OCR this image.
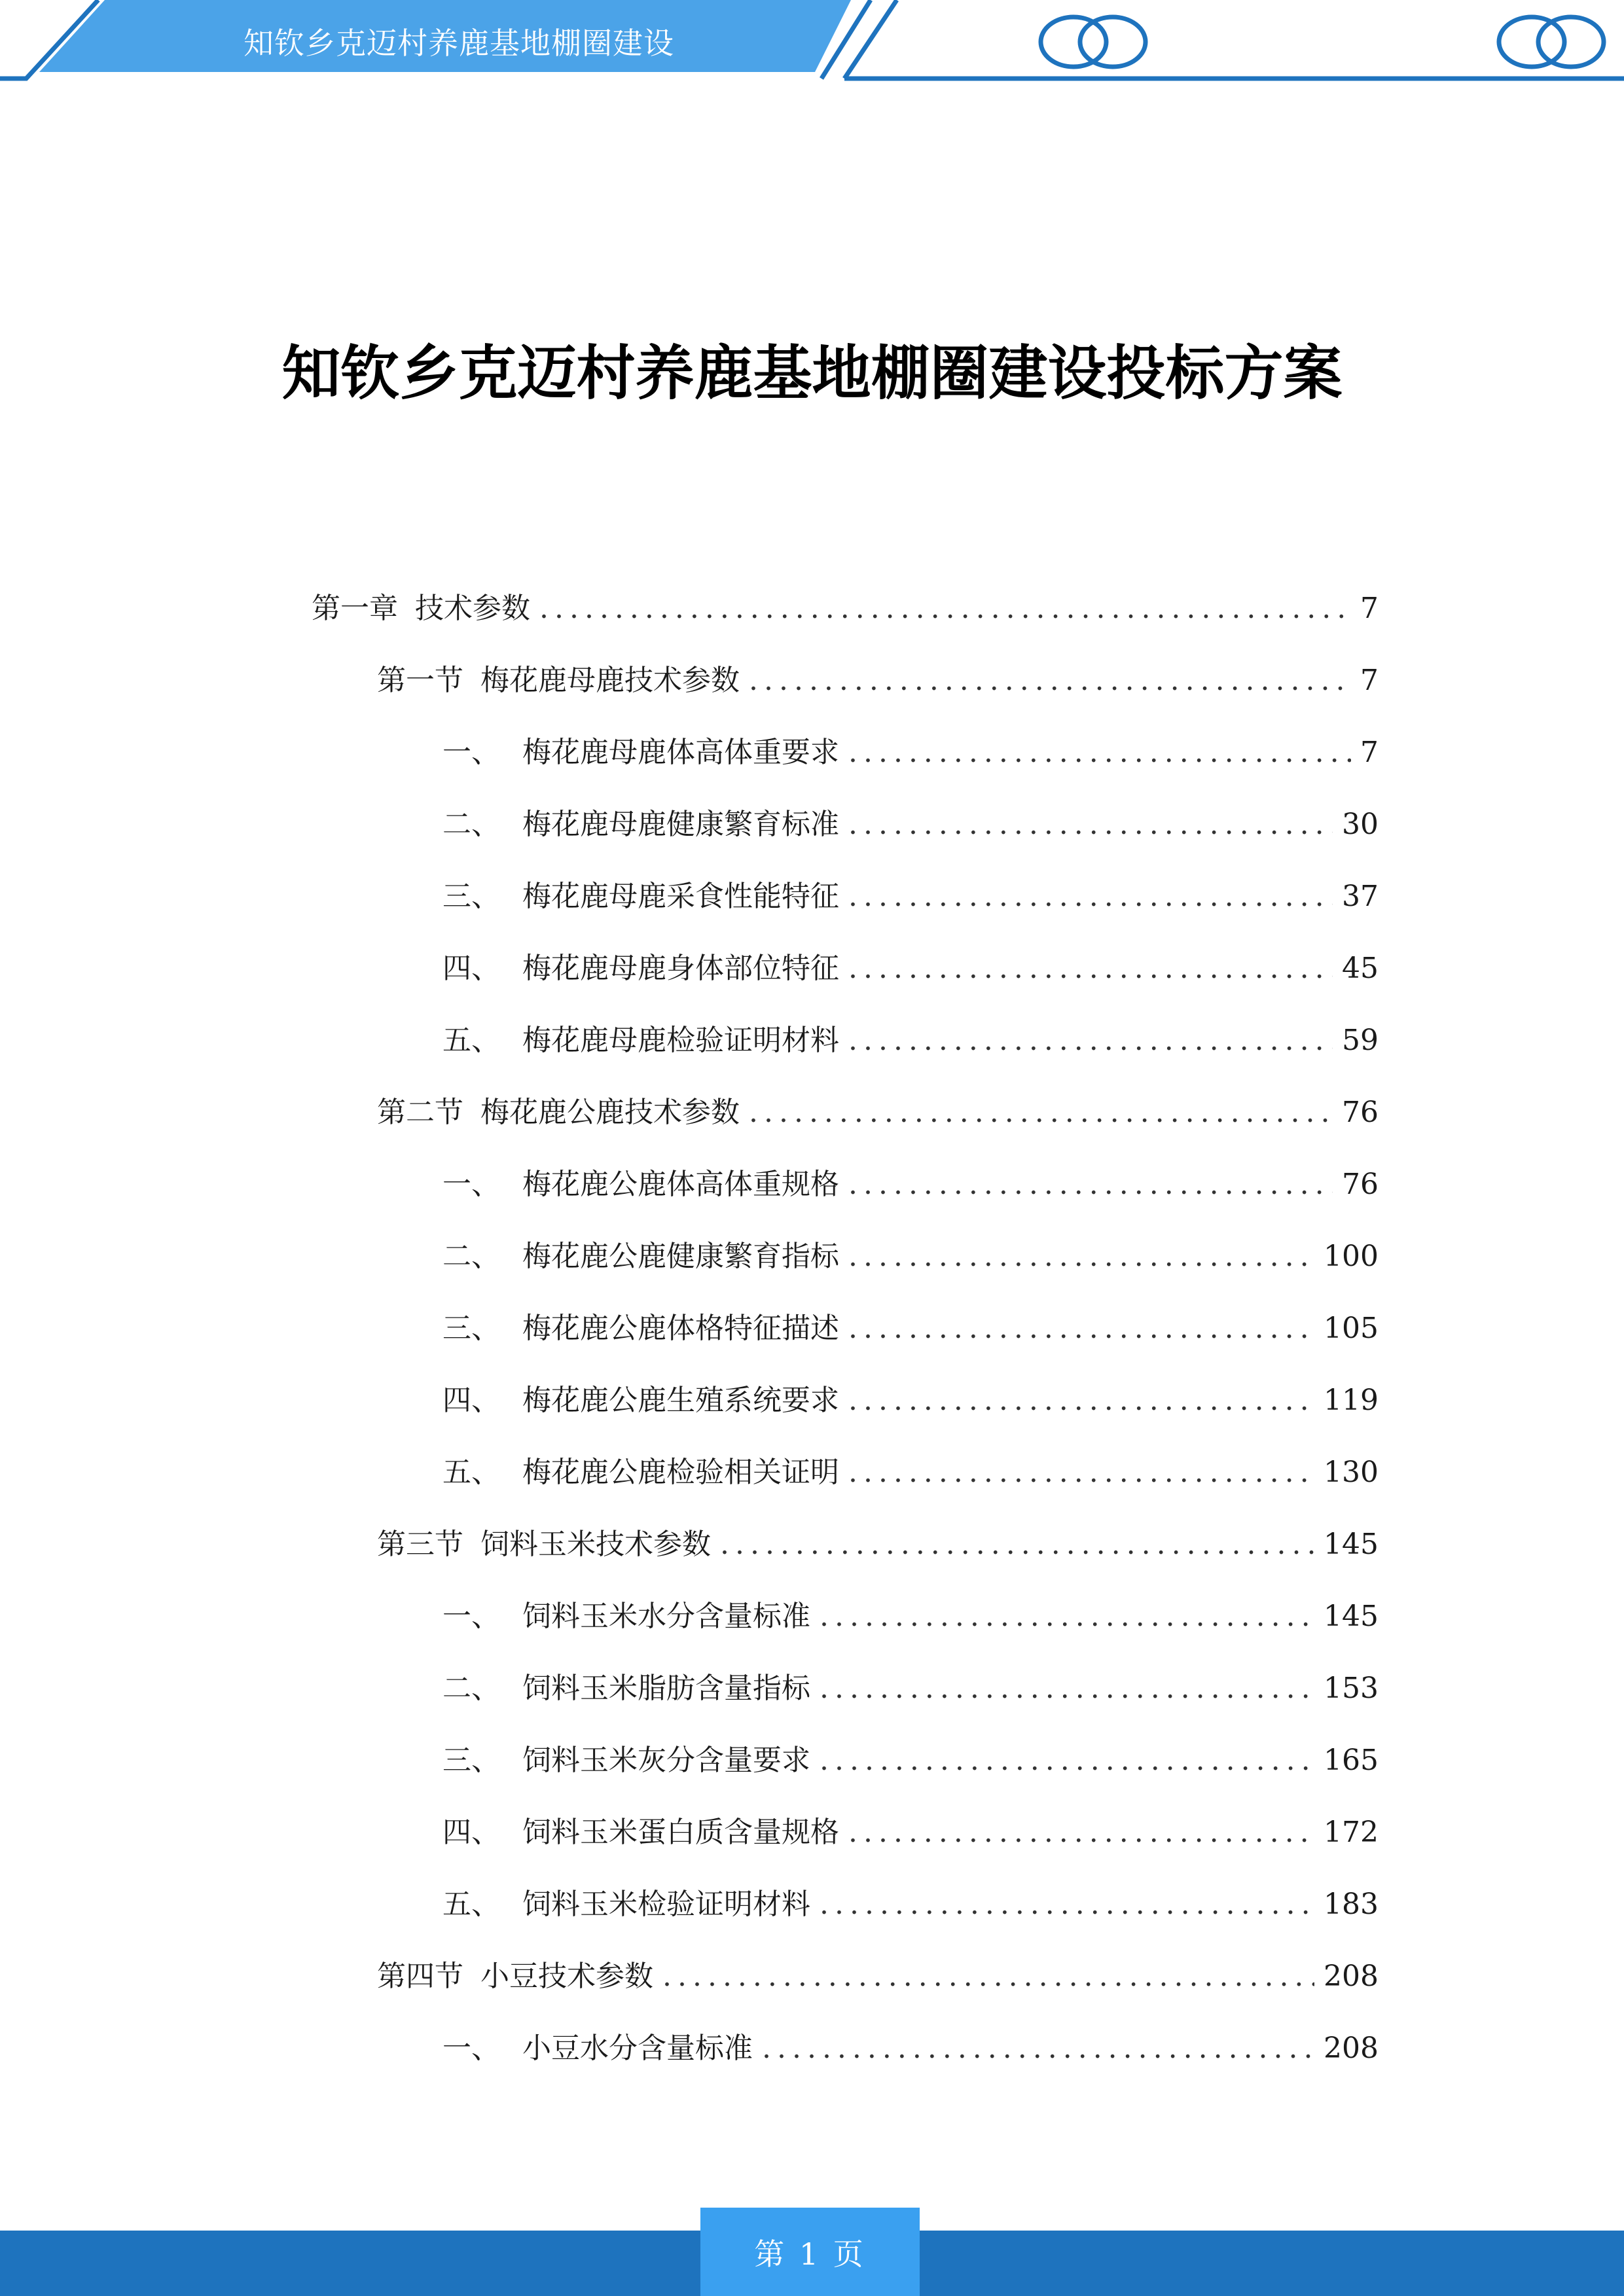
知钦乡克迈村养鹿基地棚圈建设
知钦乡克迈村养鹿基地棚圈建设投标方案
第一章 技术参数 .....	7
第一节 梅花鹿母鹿技术参数 .....	7
一、 梅花鹿母鹿体高体重要求 .....	7
二、 梅花鹿母鹿健康繁育标准 .....	30
三、 梅花鹿母鹿采食性能特征 .....	37
四、 梅花鹿母鹿身体部位特征 .....	45
五、 梅花鹿母鹿检验证明材料 .....	59
第二节 梅花鹿公鹿技术参数 .....	76
一、 梅花鹿公鹿体高体重规格 .....	76
二、 梅花鹿公鹿健康繁育指标 .....	100
三、 梅花鹿公鹿体格特征描述 .....	105
四、 梅花鹿公鹿生殖系统要求 .....	119
五、 梅花鹿公鹿检验相关证明 .....	130
第三节 饲料玉米技术参数 .....	145
一、 饲料玉米水分含量标准 .....	145
二、 饲料玉米脂肪含量指标 .....	153
三、 饲料玉米灰分含量要求 .....	165
四、 饲料玉米蛋白质含量规格 .....	172
五、 饲料玉米检验证明材料 .....	183
第四节 小豆技术参数 .....	208
一、 小豆水分含量标准 .....	208
第 1 页
